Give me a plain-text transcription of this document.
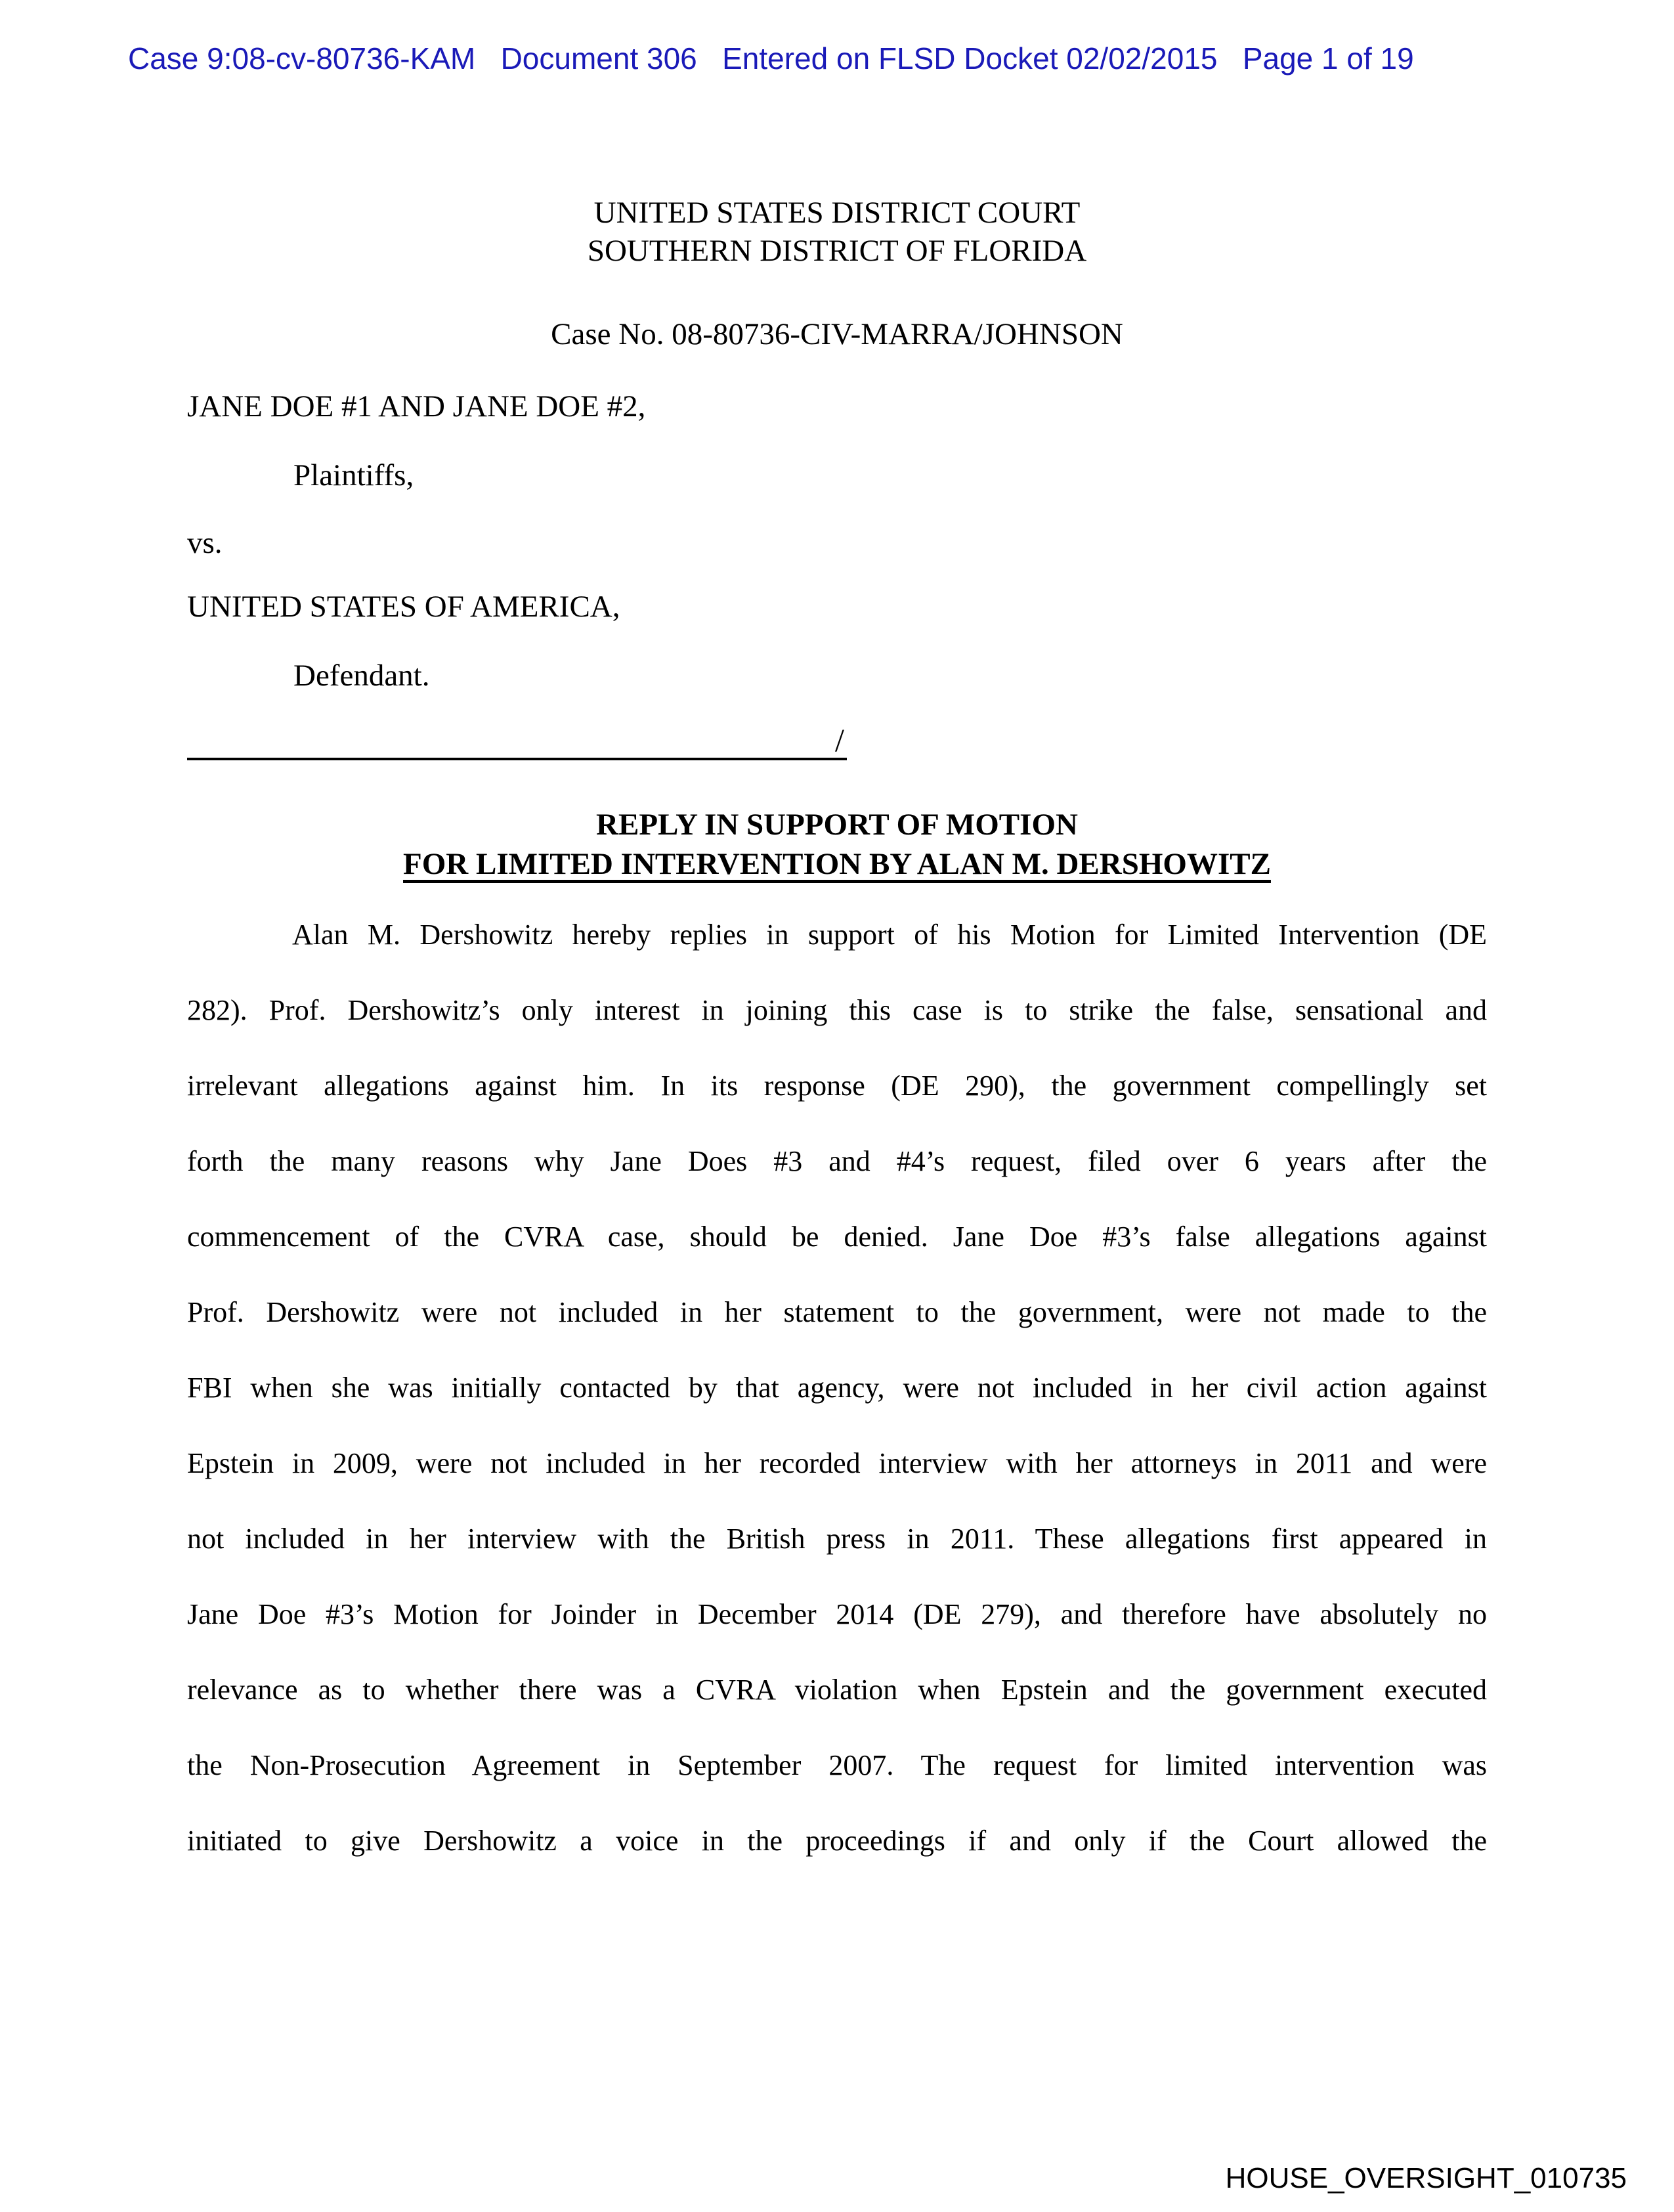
Case 9:08-cv-80736-KAM   Document 306   Entered on FLSD Docket 02/02/2015   Page 1 of 19
UNITED STATES DISTRICT COURT
SOUTHERN DISTRICT OF FLORIDA
Case No. 08-80736-CIV-MARRA/JOHNSON
JANE DOE #1 AND JANE DOE #2,
Plaintiffs,
vs.
UNITED STATES OF AMERICA,
Defendant.
/
REPLY IN SUPPORT OF MOTION
FOR LIMITED INTERVENTION BY ALAN M. DERSHOWITZ
Alan M. Dershowitz hereby replies in support of his Motion for Limited Intervention (DE
282). Prof. Dershowitz’s only interest in joining this case is to strike the false, sensational and
irrelevant allegations against him. In its response (DE 290), the government compellingly set
forth the many reasons why Jane Does #3 and #4’s request, filed over 6 years after the
commencement of the CVRA case, should be denied. Jane Doe #3’s false allegations against
Prof. Dershowitz were not included in her statement to the government, were not made to the
FBI when she was initially contacted by that agency, were not included in her civil action against
Epstein in 2009, were not included in her recorded interview with her attorneys in 2011 and were
not included in her interview with the British press in 2011. These allegations first appeared in
Jane Doe #3’s Motion for Joinder in December 2014 (DE 279), and therefore have absolutely no
relevance as to whether there was a CVRA violation when Epstein and the government executed
the Non-Prosecution Agreement in September 2007. The request for limited intervention was
initiated to give Dershowitz a voice in the proceedings if and only if the Court allowed the
HOUSE_OVERSIGHT_010735
